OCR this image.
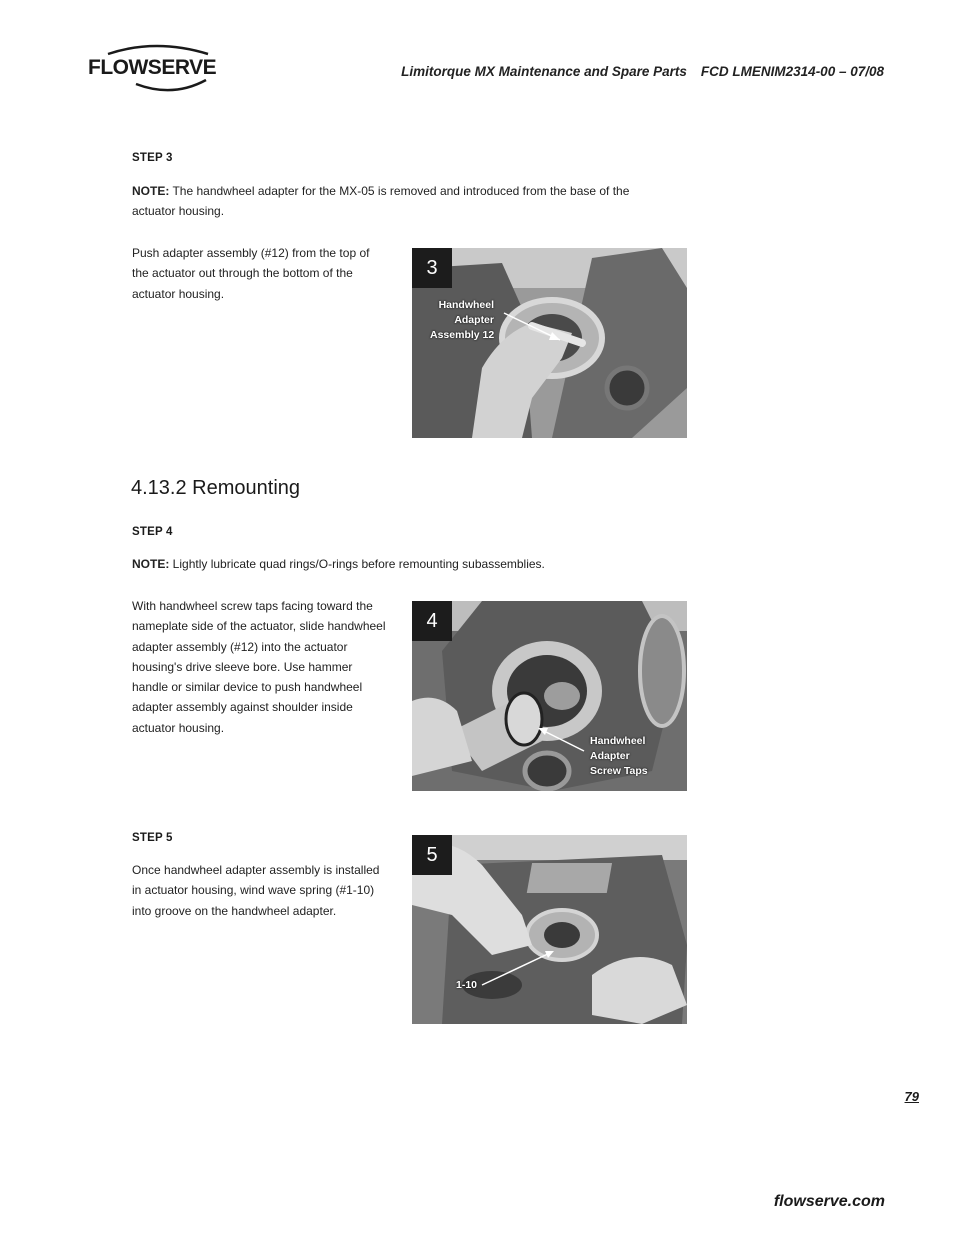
FLOWSERVE	Limitorque MX Maintenance and Spare Parts FCD LMENIM2314-00 – 07/08
STEP 3
NOTE: The handwheel adapter for the MX-05 is removed and introduced from the base of the actuator housing.
Push adapter assembly (#12) from the top of the actuator out through the bottom of the actuator housing.
3
Handwheel
Adapter
Assembly 12
4.13.2 Remounting
STEP 4
NOTE: Lightly lubricate quad rings/O-rings before remounting subassemblies.
With handwheel screw taps facing toward the nameplate side of the actuator, slide handwheel adapter assembly (#12) into the actuator housing's drive sleeve bore. Use hammer handle or similar device to push handwheel adapter assembly against shoulder inside actuator housing.
4
Handwheel
Adapter
Screw Taps
STEP 5
Once handwheel adapter assembly is installed in actuator housing, wind wave spring (#1-10) into groove on the handwheel adapter.
5
1-10
79
flowserve.com
